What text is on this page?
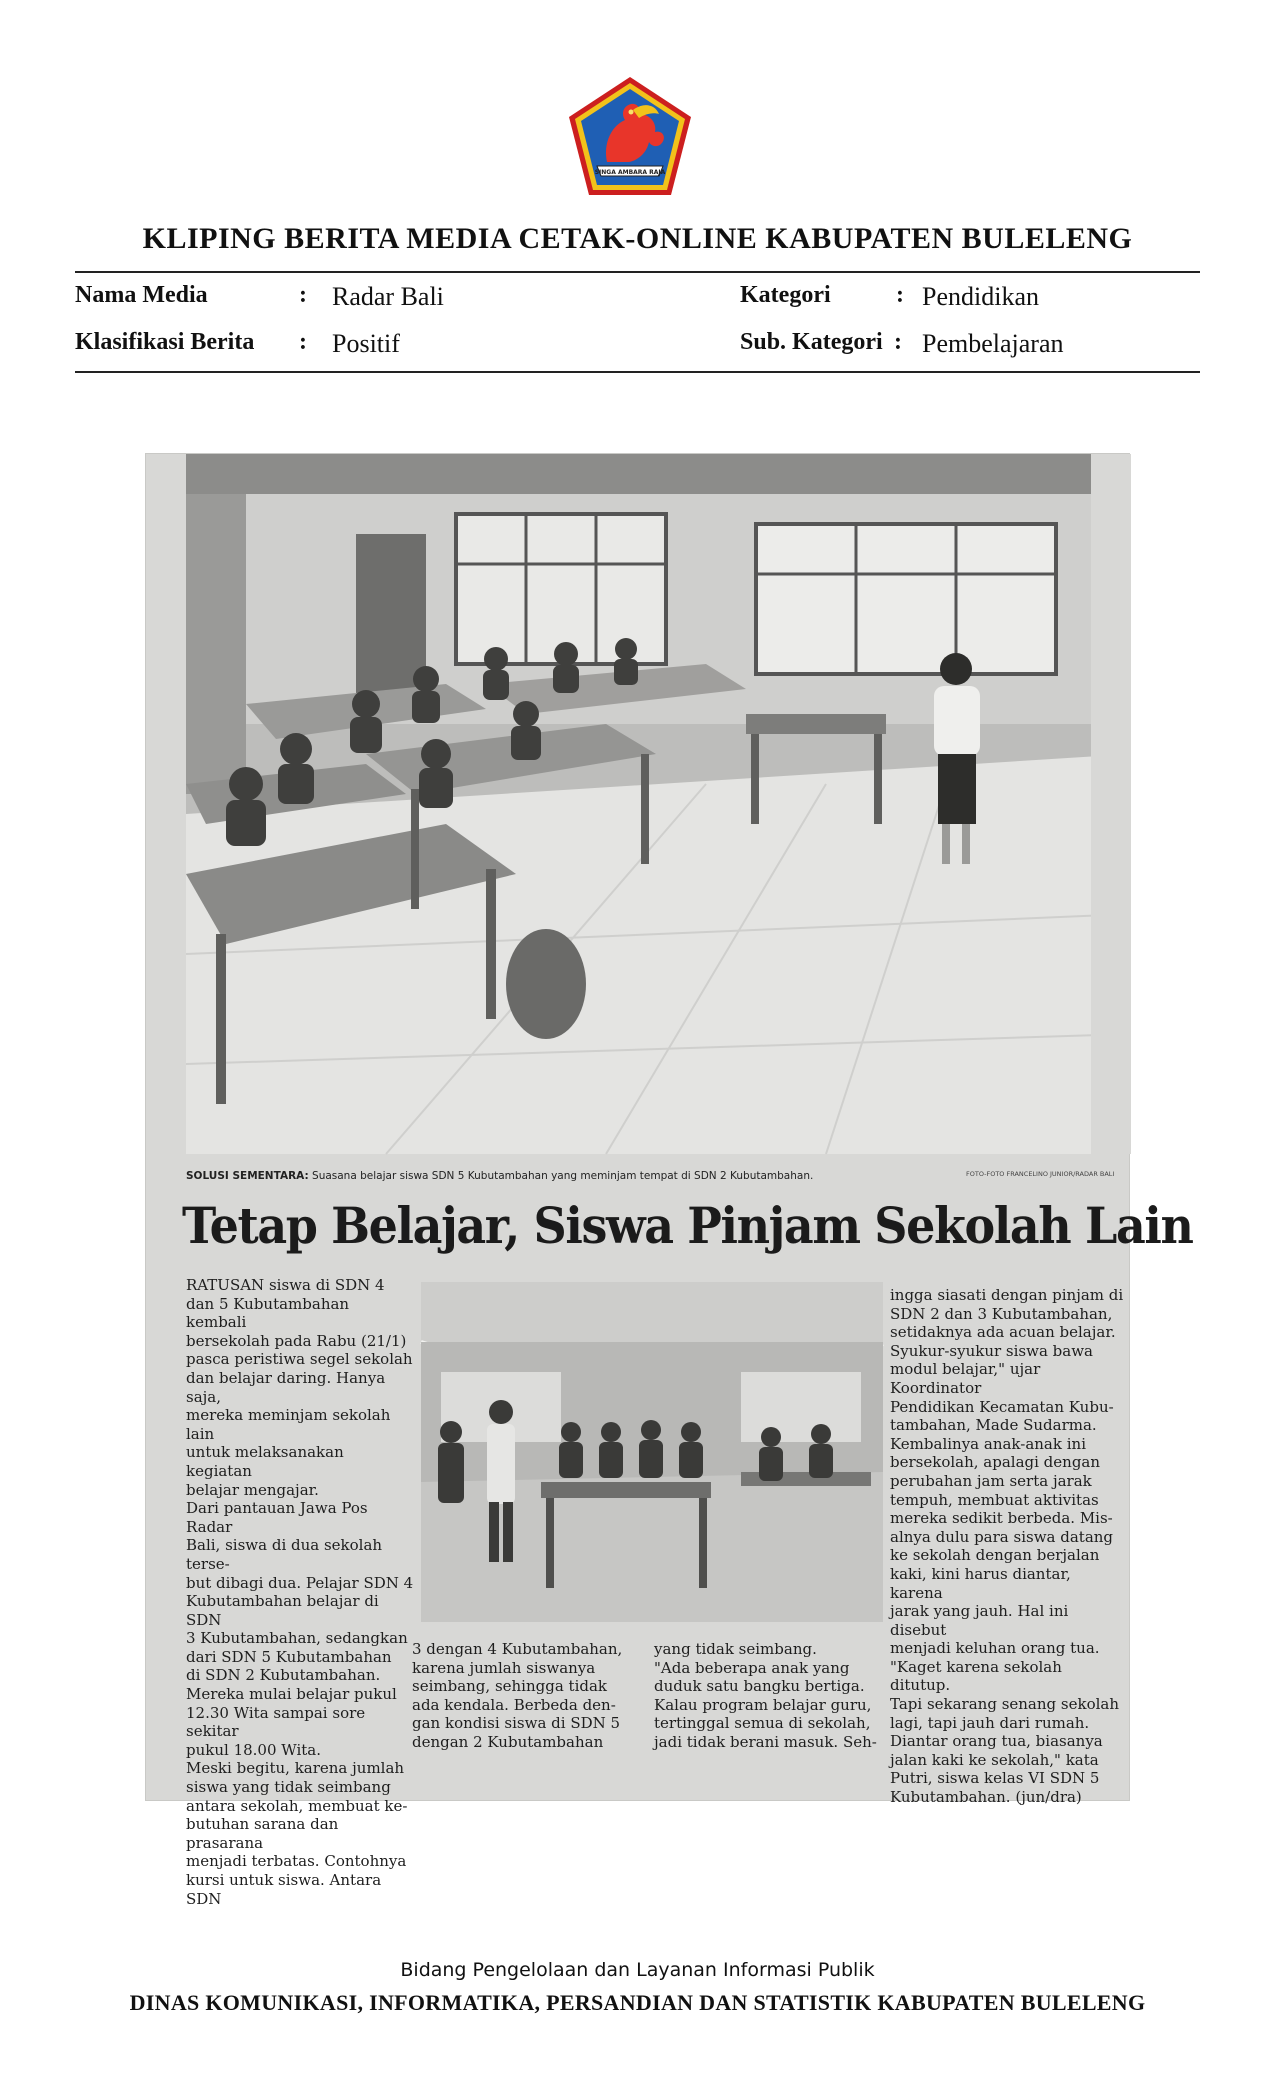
SINGA AMBARA RAJA
KLIPING BERITA MEDIA CETAK-ONLINE KABUPATEN BULELENG
Nama Media	: Radar Bali	Kategori	: Pendidikan
Klasifikasi Berita : Positif	Sub. Kategori : Pembelajaran
SOLUSI SEMENTARA: Suasana belajar siswa SDN 5 Kubutambahan yang meminjam tempat di SDN 2 Kubutambahan.	FOTO-FOTO FRANCELINO JUNIOR/RADAR BALI
Tetap Belajar, Siswa Pinjam Sekolah Lain
RATUSAN siswa di SDN 4
dan 5 Kubutambahan kembali
bersekolah pada Rabu (21/1)
pasca peristiwa segel sekolah
dan belajar daring. Hanya saja,
mereka meminjam sekolah lain
untuk melaksanakan kegiatan
belajar mengajar.
Dari pantauan Jawa Pos Radar
Bali, siswa di dua sekolah terse-
but dibagi dua. Pelajar SDN 4
Kubutambahan belajar di SDN
3 Kubutambahan, sedangkan
dari SDN 5 Kubutambahan
di SDN 2 Kubutambahan.
Mereka mulai belajar pukul
12.30 Wita sampai sore sekitar
pukul 18.00 Wita.
Meski begitu, karena jumlah
siswa yang tidak seimbang
antara sekolah, membuat ke-
butuhan sarana dan prasarana
menjadi terbatas. Contohnya
kursi untuk siswa. Antara SDN
3 dengan 4 Kubutambahan,
karena jumlah siswanya
seimbang, sehingga tidak
ada kendala. Berbeda den-
gan kondisi siswa di SDN 5
dengan 2 Kubutambahan
yang tidak seimbang.
"Ada beberapa anak yang
duduk satu bangku bertiga.
Kalau program belajar guru,
tertinggal semua di sekolah,
jadi tidak berani masuk. Seh-
ingga siasati dengan pinjam di
SDN 2 dan 3 Kubutambahan,
setidaknya ada acuan belajar.
Syukur-syukur siswa bawa
modul belajar," ujar Koordinator
Pendidikan Kecamatan Kubu-
tambahan, Made Sudarma.
Kembalinya anak-anak ini
bersekolah, apalagi dengan
perubahan jam serta jarak
tempuh, membuat aktivitas
mereka sedikit berbeda. Mis-
alnya dulu para siswa datang
ke sekolah dengan berjalan
kaki, kini harus diantar, karena
jarak yang jauh. Hal ini disebut
menjadi keluhan orang tua.
"Kaget karena sekolah ditutup.
Tapi sekarang senang sekolah
lagi, tapi jauh dari rumah.
Diantar orang tua, biasanya
jalan kaki ke sekolah," kata
Putri, siswa kelas VI SDN 5
Kubutambahan. (jun/dra)
Bidang Pengelolaan dan Layanan Informasi Publik
DINAS KOMUNIKASI, INFORMATIKA, PERSANDIAN DAN STATISTIK KABUPATEN BULELENG
